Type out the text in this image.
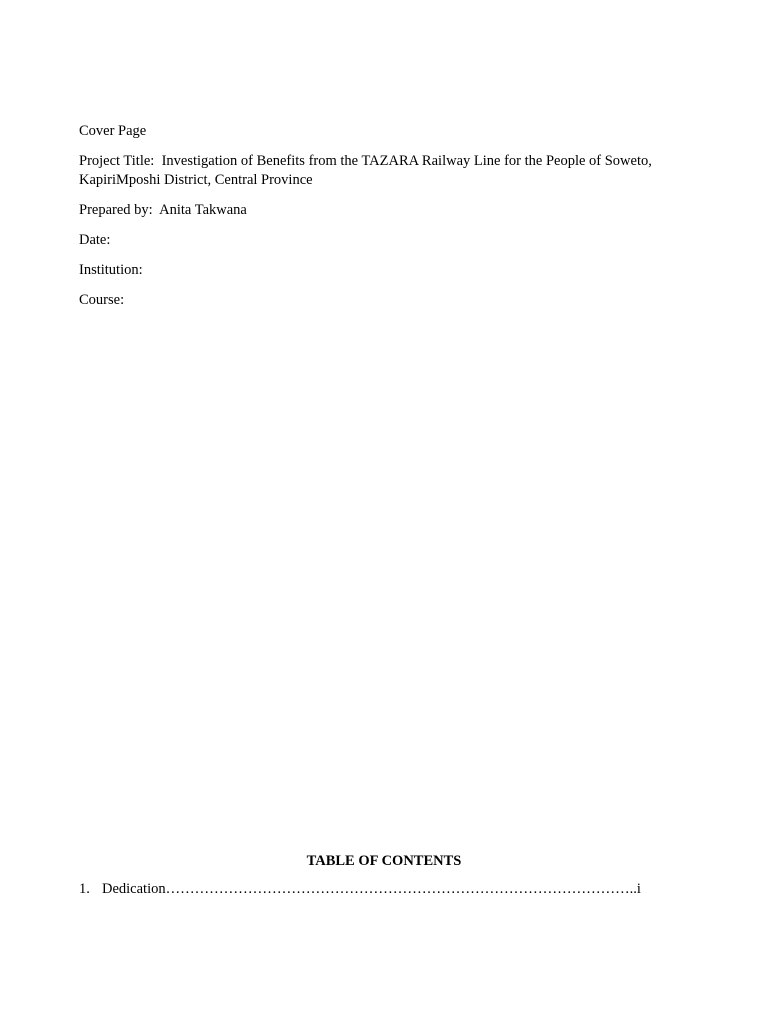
Cover Page

Project Title: Investigation of Benefits from the TAZARA Railway Line for the People of Soweto, KapiriMposhi District, Central Province

Prepared by: Anita Takwana

Date:

Institution:

Course:

TABLE OF CONTENTS

1. Dedication……………………………………………………………………………………..i
